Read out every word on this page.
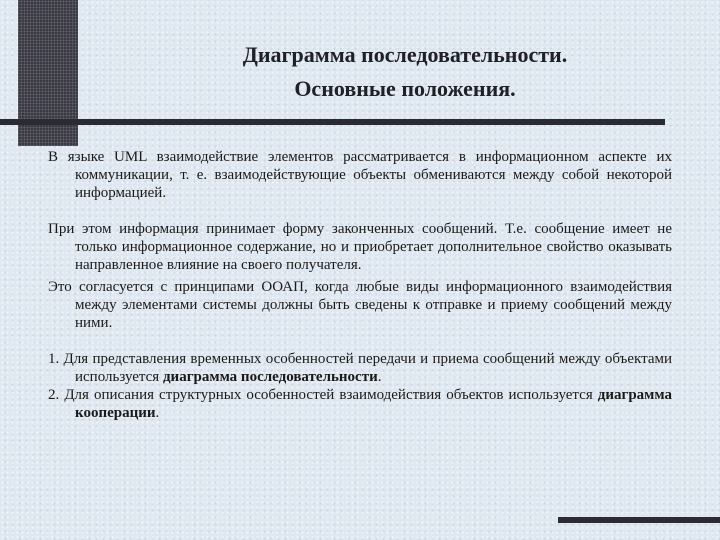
Диаграмма последовательности.
Основные положения.

В языке UML взаимодействие элементов рассматривается в информационном аспекте их коммуникации, т. е. взаимодействующие объекты обмениваются между собой некоторой информацией.

При этом информация принимает форму законченных сообщений. Т.е. сообщение имеет не только информационное содержание, но и приобретает дополнительное свойство оказывать направленное влияние на своего получателя.

Это согласуется с принципами ООАП, когда любые виды информационного взаимодействия между элементами системы должны быть сведены к отправке и приему сообщений между ними.

1. Для представления временных особенностей передачи и приема сообщений между объектами используется диаграмма последовательности.

2. Для описания структурных особенностей взаимодействия объектов используется диаграмма кооперации.
